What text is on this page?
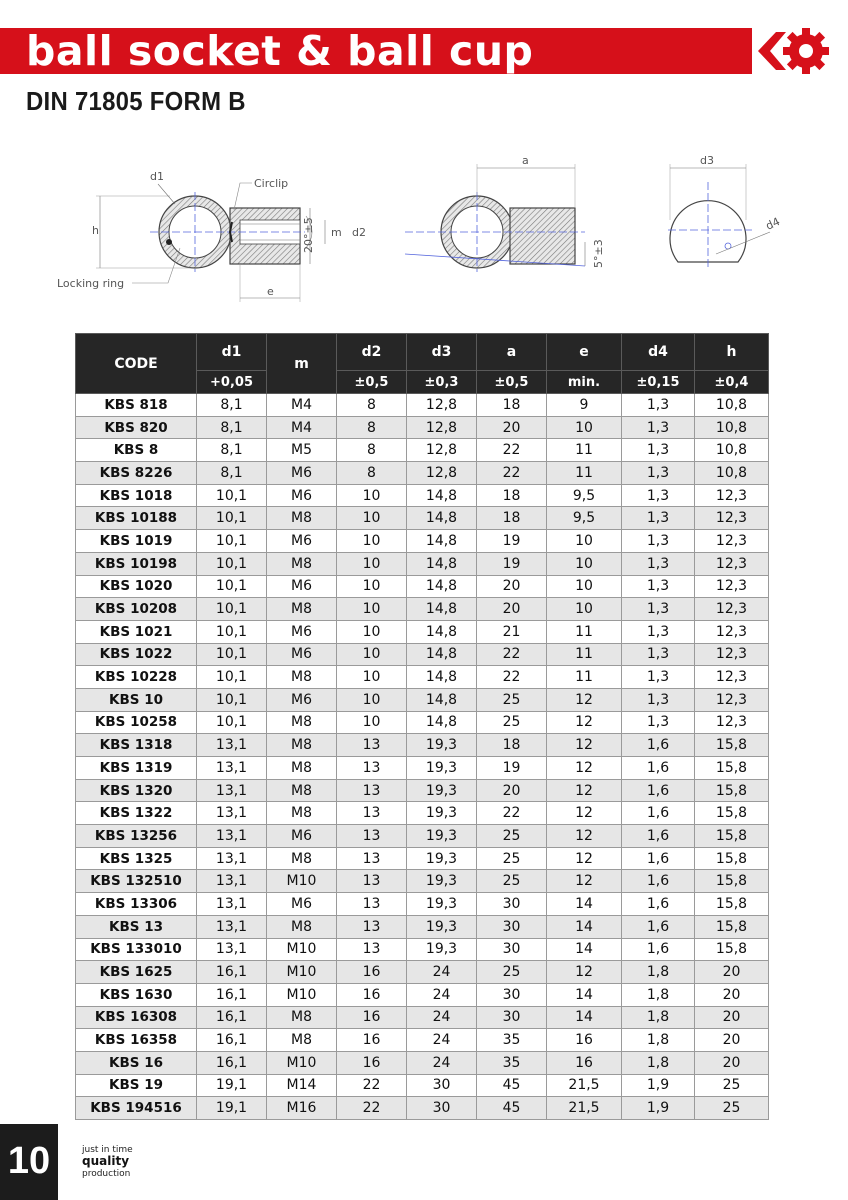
ball socket & ball cup
DIN 71805 FORM B
Circlip
Locking ring
d1
h	m d2
20°±5
e
a
5°±3
d3
d4
CODE	d1	m	d2	d3	a	e	d4	h
	+0,05		±0,5	±0,3	±0,5	min.	±0,15	±0,4
KBS 818	8,1	M4	8	12,8	18	9	1,3	10,8
KBS 820	8,1	M4	8	12,8	20	10	1,3	10,8
KBS 8	8,1	M5	8	12,8	22	11	1,3	10,8
KBS 8226	8,1	M6	8	12,8	22	11	1,3	10,8
KBS 1018	10,1	M6	10	14,8	18	9,5	1,3	12,3
KBS 10188	10,1	M8	10	14,8	18	9,5	1,3	12,3
KBS 1019	10,1	M6	10	14,8	19	10	1,3	12,3
KBS 10198	10,1	M8	10	14,8	19	10	1,3	12,3
KBS 1020	10,1	M6	10	14,8	20	10	1,3	12,3
KBS 10208	10,1	M8	10	14,8	20	10	1,3	12,3
KBS 1021	10,1	M6	10	14,8	21	11	1,3	12,3
KBS 1022	10,1	M6	10	14,8	22	11	1,3	12,3
KBS 10228	10,1	M8	10	14,8	22	11	1,3	12,3
KBS 10	10,1	M6	10	14,8	25	12	1,3	12,3
KBS 10258	10,1	M8	10	14,8	25	12	1,3	12,3
KBS 1318	13,1	M8	13	19,3	18	12	1,6	15,8
KBS 1319	13,1	M8	13	19,3	19	12	1,6	15,8
KBS 1320	13,1	M8	13	19,3	20	12	1,6	15,8
KBS 1322	13,1	M8	13	19,3	22	12	1,6	15,8
KBS 13256	13,1	M6	13	19,3	25	12	1,6	15,8
KBS 1325	13,1	M8	13	19,3	25	12	1,6	15,8
KBS 132510	13,1	M10	13	19,3	25	12	1,6	15,8
KBS 13306	13,1	M6	13	19,3	30	14	1,6	15,8
KBS 13	13,1	M8	13	19,3	30	14	1,6	15,8
KBS 133010	13,1	M10	13	19,3	30	14	1,6	15,8
KBS 1625	16,1	M10	16	24	25	12	1,8	20
KBS 1630	16,1	M10	16	24	30	14	1,8	20
KBS 16308	16,1	M8	16	24	30	14	1,8	20
KBS 16358	16,1	M8	16	24	35	16	1,8	20
KBS 16	16,1	M10	16	24	35	16	1,8	20
KBS 19	19,1	M14	22	30	45	21,5	1,9	25
KBS 194516	19,1	M16	22	30	45	21,5	1,9	25
10	just in time
quality
production
